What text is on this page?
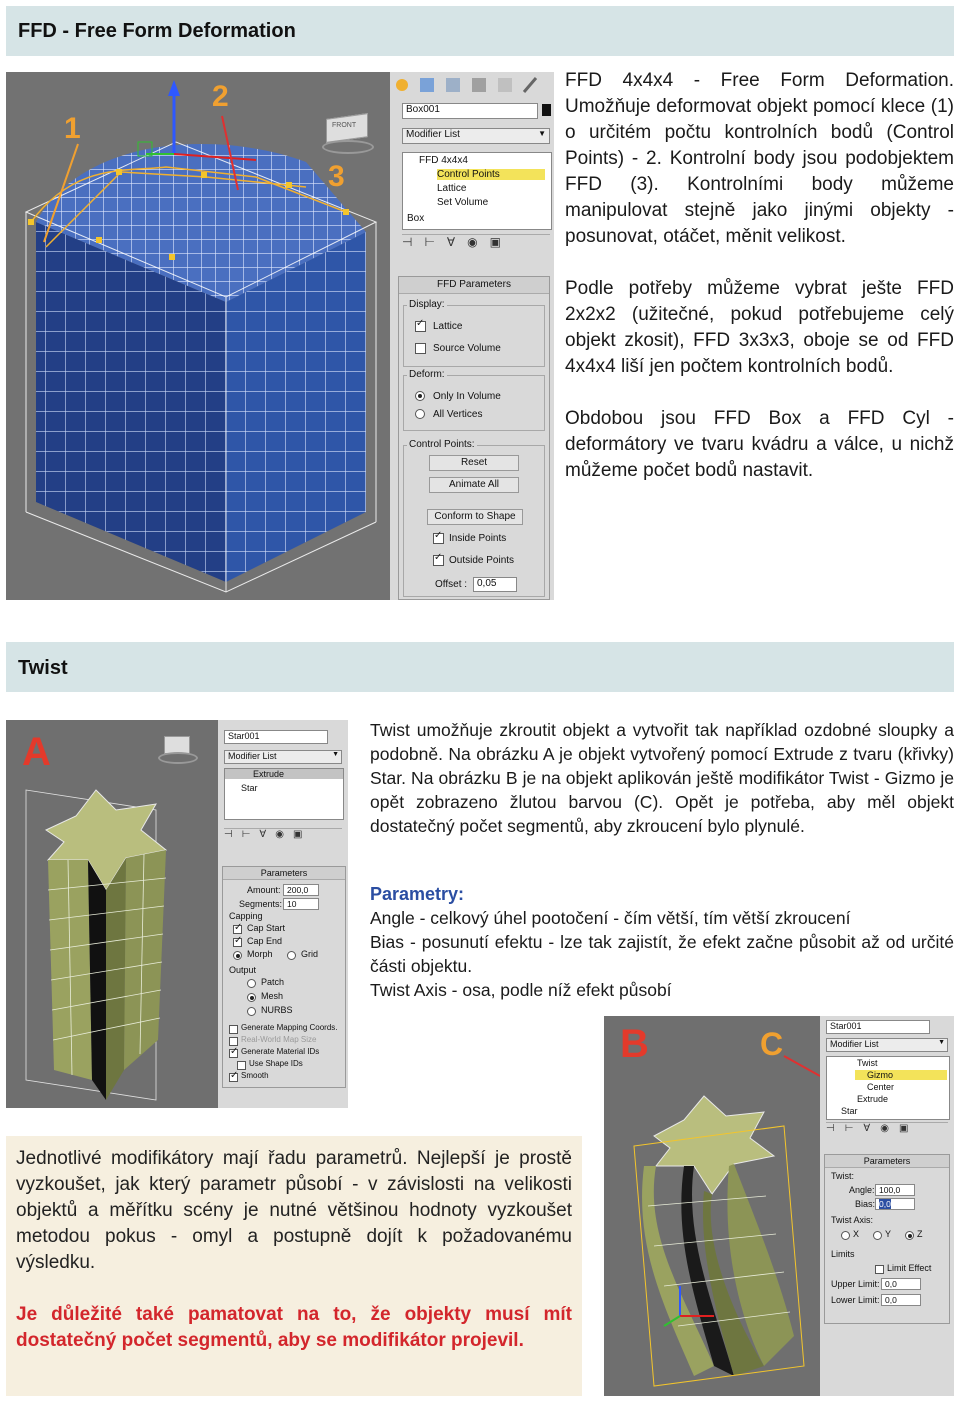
FFD - Free Form Deformation
1
2
3
FRONT
Box001
Modifier List	▼
FFD 4x4x4
Control Points
Lattice
Set Volume
Box
⊣⊢∀◉▣
FFD Parameters
Display:
✓
Lattice
Source Volume
Deform:
Only In Volume
All Vertices
Control Points:
Reset
Animate All
Conform to Shape
✓
Inside Points
✓
Outside Points
Offset : 0,05

FFD 4x4x4 - Free Form Deformation. Umožňuje deformovat objekt pomocí klece (1) o určitém počtu kontrolních bodů (Control Points) - 2. Kontrolní body jsou podobjektem FFD (3). Kontrolními body můžeme manipulovat stejně jako jinými objekty - posunovat, otáčet, měnit velikost.

Podle potřeby můžeme vybrat ješte FFD 2x2x2 (užitečné, pokud potřebujeme celý objekt zkosit), FFD 3x3x3, oboje se od FFD 4x4x4 liší jen počtem kontrolních bodů.

Obdobou jsou FFD Box a FFD Cyl - deformátory ve tvaru kvádru a válce, u nichž můžeme počet bodů nastavit.

Twist
A	Star001
Modifier List	▼
Extrude
Star
⊣⊢∀◉▣
Parameters
Amount: 200,0
Segments: 10
Capping
✓
Cap Start
✓
Cap End
Morph	Grid
Output
Patch
Mesh
NURBS
Generate Mapping Coords.
Real-World Map Size
✓
Generate Material IDs
Use Shape IDs
✓
Smooth
Twist umožňuje zkroutit objekt a vytvořit tak například ozdobné sloupky a podobně. Na obrázku A je objekt vytvořený pomocí Extrude z tvaru (křivky) Star. Na obrázku B je na objekt aplikován ještě modifikátor Twist - Gizmo je opět zobrazeno žlutou barvou (C). Opět je potřeba, aby měl objekt dostatečný počet segmentů, aby zkroucení bylo plynulé.
Parametry:
Angle - celkový úhel pootočení - čím větší, tím větší zkroucení
Bias - posunutí efektu - lze tak zajistít, že efekt začne působit až od určité části objektu.
Twist Axis - osa, podle níž efekt působí
B	C	Star001
Modifier List	▼
Twist
Gizmo
Center
Extrude
Star
⊣⊢∀◉▣
Parameters
Twist:
Angle: 100,0
Bias: 0,0
Twist Axis:
X	Y	Z
Limits
Limit Effect
Upper Limit: 0,0
Lower Limit: 0,0

Jednotlivé modifikátory mají řadu parametrů. Nejlepší je prostě vyzkoušet, jak který parametr působí - v závislosti na velikosti objektů a měřítku scény je nutné většinou hodnoty vyzkoušet metodou pokus - omyl a postupně dojít k požadovanému výsledku.

Je důležité také pamatovat na to, že objekty musí mít dostatečný počet segmentů, aby se modifikátor projevil.
